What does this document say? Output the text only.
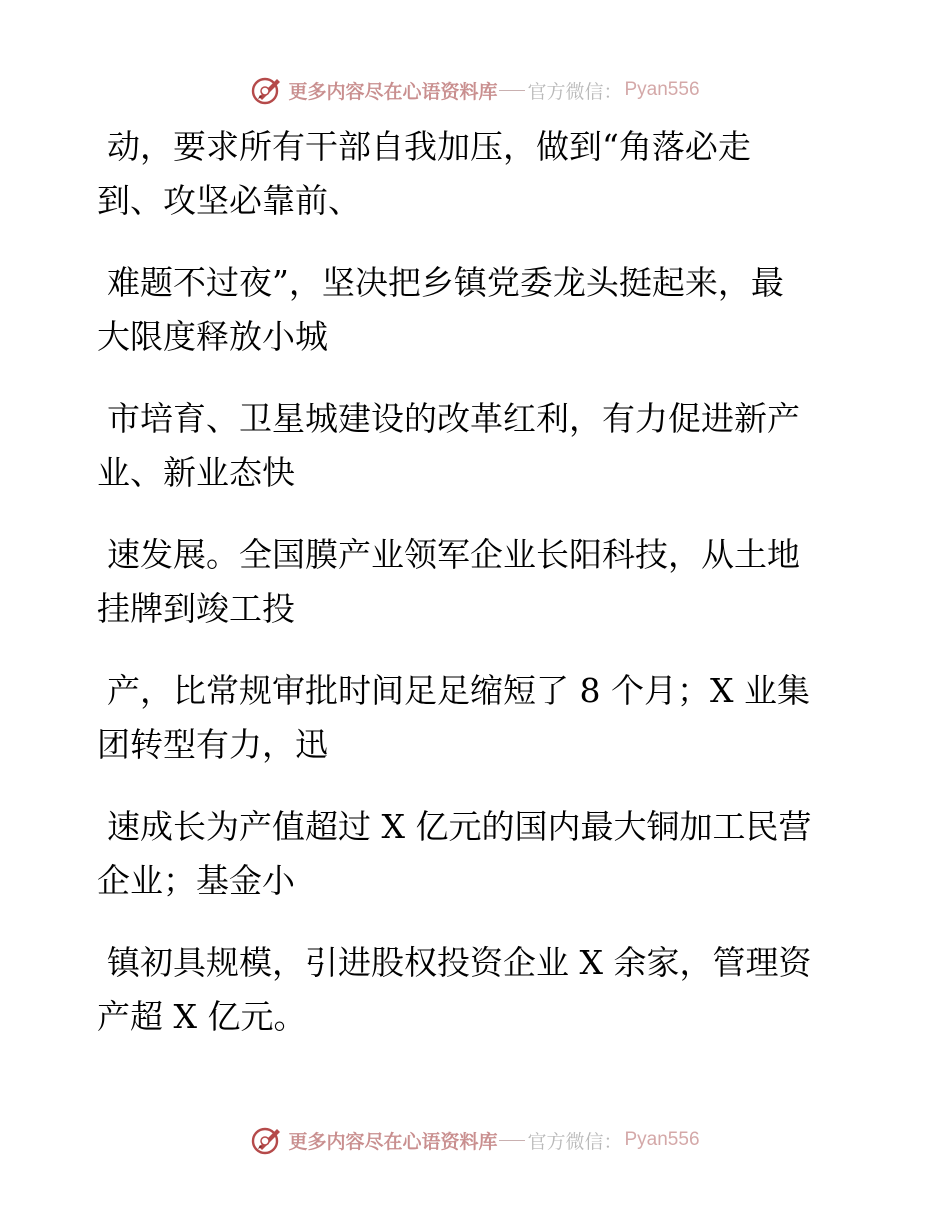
更多内容尽在心语资料库 官方微信： Pyan556
动，要求所有干部自我加压，做到“角落必走
到、攻坚必靠前、
难题不过夜”，坚决把乡镇党委龙头挺起来，最
大限度释放小城
市培育、卫星城建设的改革红利，有力促进新产
业、新业态快
速发展。全国膜产业领军企业长阳科技，从土地
挂牌到竣工投
产，比常规审批时间足足缩短了 8 个月；X 业集
团转型有力，迅
速成长为产值超过 X 亿元的国内最大铜加工民营
企业；基金小
镇初具规模，引进股权投资企业 X 余家，管理资
产超 X 亿元。
更多内容尽在心语资料库 官方微信： Pyan556
